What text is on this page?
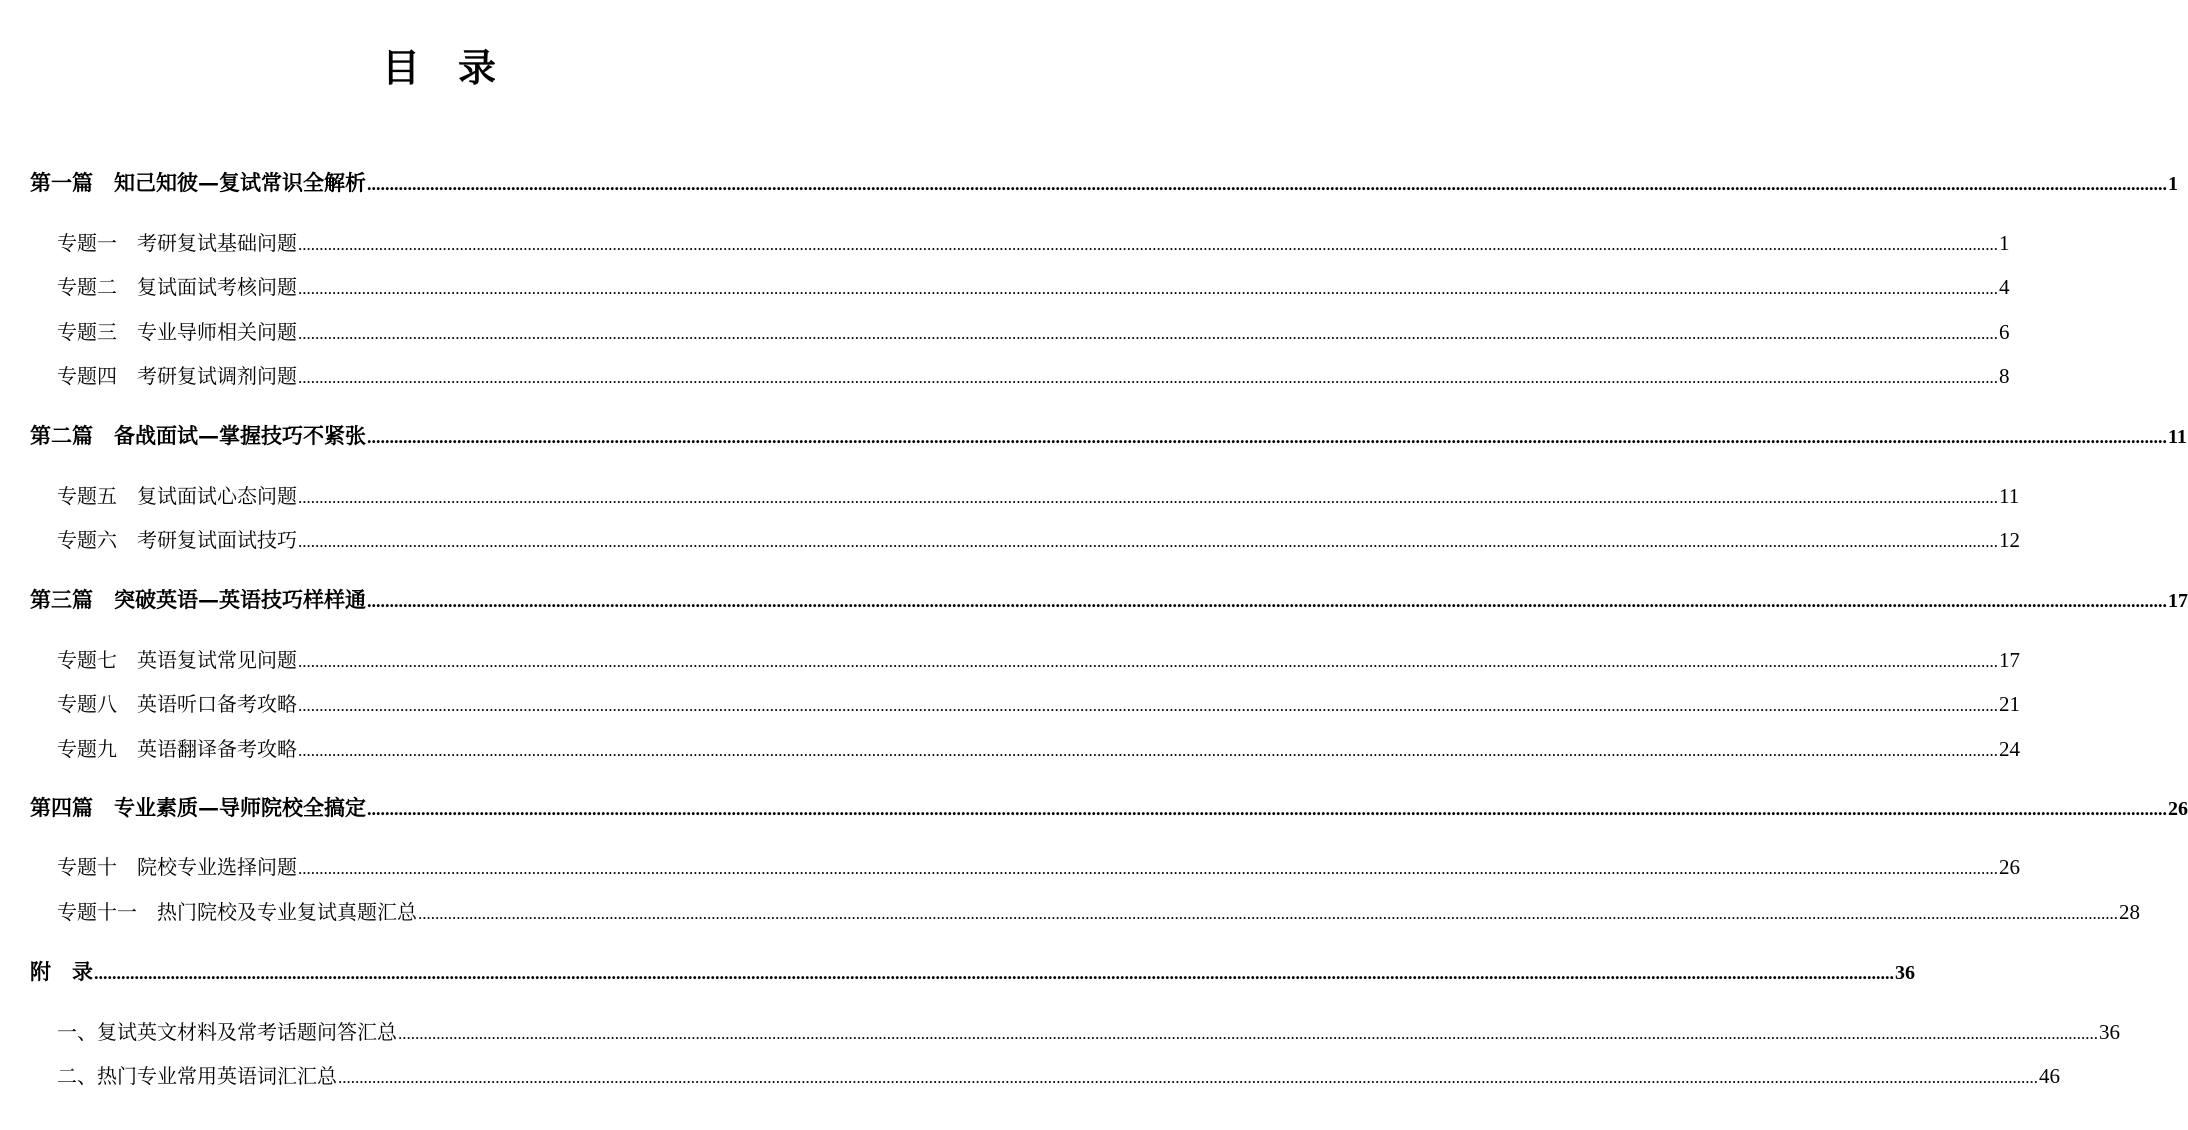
目　录
第一篇　知己知彼—复试常识全解析 ................................................................................................................................................................................................................................................................................................................................................................................................................ 1
专题一　考研复试基础问题 ................................................................................................................................................................................................................................................................................................................................................................................................................ 1
专题二　复试面试考核问题 ................................................................................................................................................................................................................................................................................................................................................................................................................ 4
专题三　专业导师相关问题 ................................................................................................................................................................................................................................................................................................................................................................................................................ 6
专题四　考研复试调剂问题 ................................................................................................................................................................................................................................................................................................................................................................................................................ 8
第二篇　备战面试—掌握技巧不紧张 ................................................................................................................................................................................................................................................................................................................................................................................................................ 11
专题五　复试面试心态问题 ................................................................................................................................................................................................................................................................................................................................................................................................................ 11
专题六　考研复试面试技巧 ................................................................................................................................................................................................................................................................................................................................................................................................................ 12
第三篇　突破英语—英语技巧样样通 ................................................................................................................................................................................................................................................................................................................................................................................................................ 17
专题七　英语复试常见问题 ................................................................................................................................................................................................................................................................................................................................................................................................................ 17
专题八　英语听口备考攻略 ................................................................................................................................................................................................................................................................................................................................................................................................................ 21
专题九　英语翻译备考攻略 ................................................................................................................................................................................................................................................................................................................................................................................................................ 24
第四篇　专业素质—导师院校全搞定 ................................................................................................................................................................................................................................................................................................................................................................................................................ 26
专题十　院校专业选择问题 ................................................................................................................................................................................................................................................................................................................................................................................................................ 26
专题十一　热门院校及专业复试真题汇总 ................................................................................................................................................................................................................................................................................................................................................................................................................ 28
附　录 ................................................................................................................................................................................................................................................................................................................................................................................................................ 36
一、复试英文材料及常考话题问答汇总 ................................................................................................................................................................................................................................................................................................................................................................................................................ 36
二、热门专业常用英语词汇汇总 ................................................................................................................................................................................................................................................................................................................................................................................................................ 46
